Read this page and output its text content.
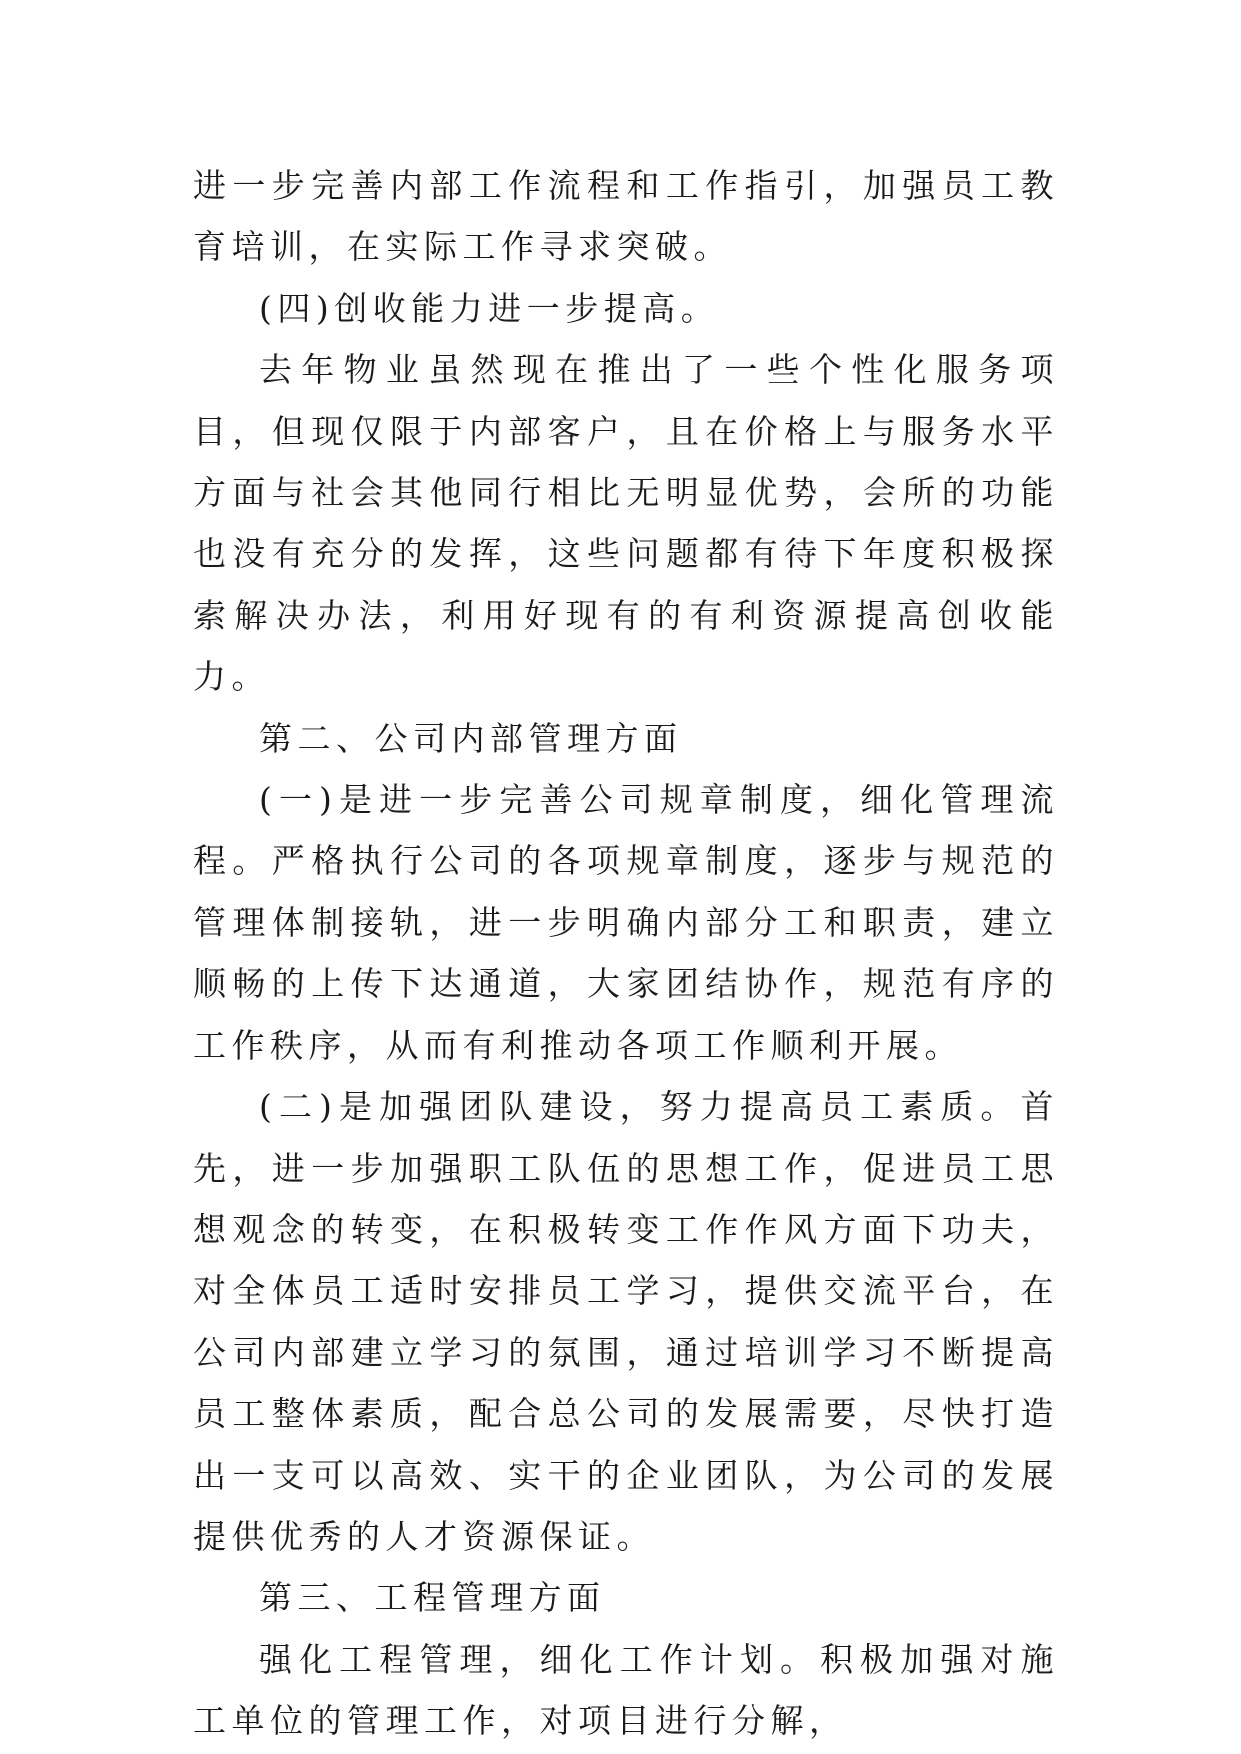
进一步完善内部工作流程和工作指引，加强员工教育培训，在实际工作寻求突破。

(四)创收能力进一步提高。

去年物业虽然现在推出了一些个性化服务项目，但现仅限于内部客户，且在价格上与服务水平方面与社会其他同行相比无明显优势，会所的功能也没有充分的发挥，这些问题都有待下年度积极探索解决办法，利用好现有的有利资源提高创收能力。

第二、公司内部管理方面

(一)是进一步完善公司规章制度，细化管理流程。严格执行公司的各项规章制度，逐步与规范的管理体制接轨，进一步明确内部分工和职责，建立顺畅的上传下达通道，大家团结协作，规范有序的工作秩序，从而有利推动各项工作顺利开展。

(二)是加强团队建设，努力提高员工素质。首先，进一步加强职工队伍的思想工作，促进员工思想观念的转变，在积极转变工作作风方面下功夫，对全体员工适时安排员工学习，提供交流平台，在公司内部建立学习的氛围，通过培训学习不断提高员工整体素质，配合总公司的发展需要，尽快打造出一支可以高效、实干的企业团队，为公司的发展提供优秀的人才资源保证。

第三、工程管理方面

强化工程管理，细化工作计划。积极加强对施工单位的管理工作，对项目进行分解，
